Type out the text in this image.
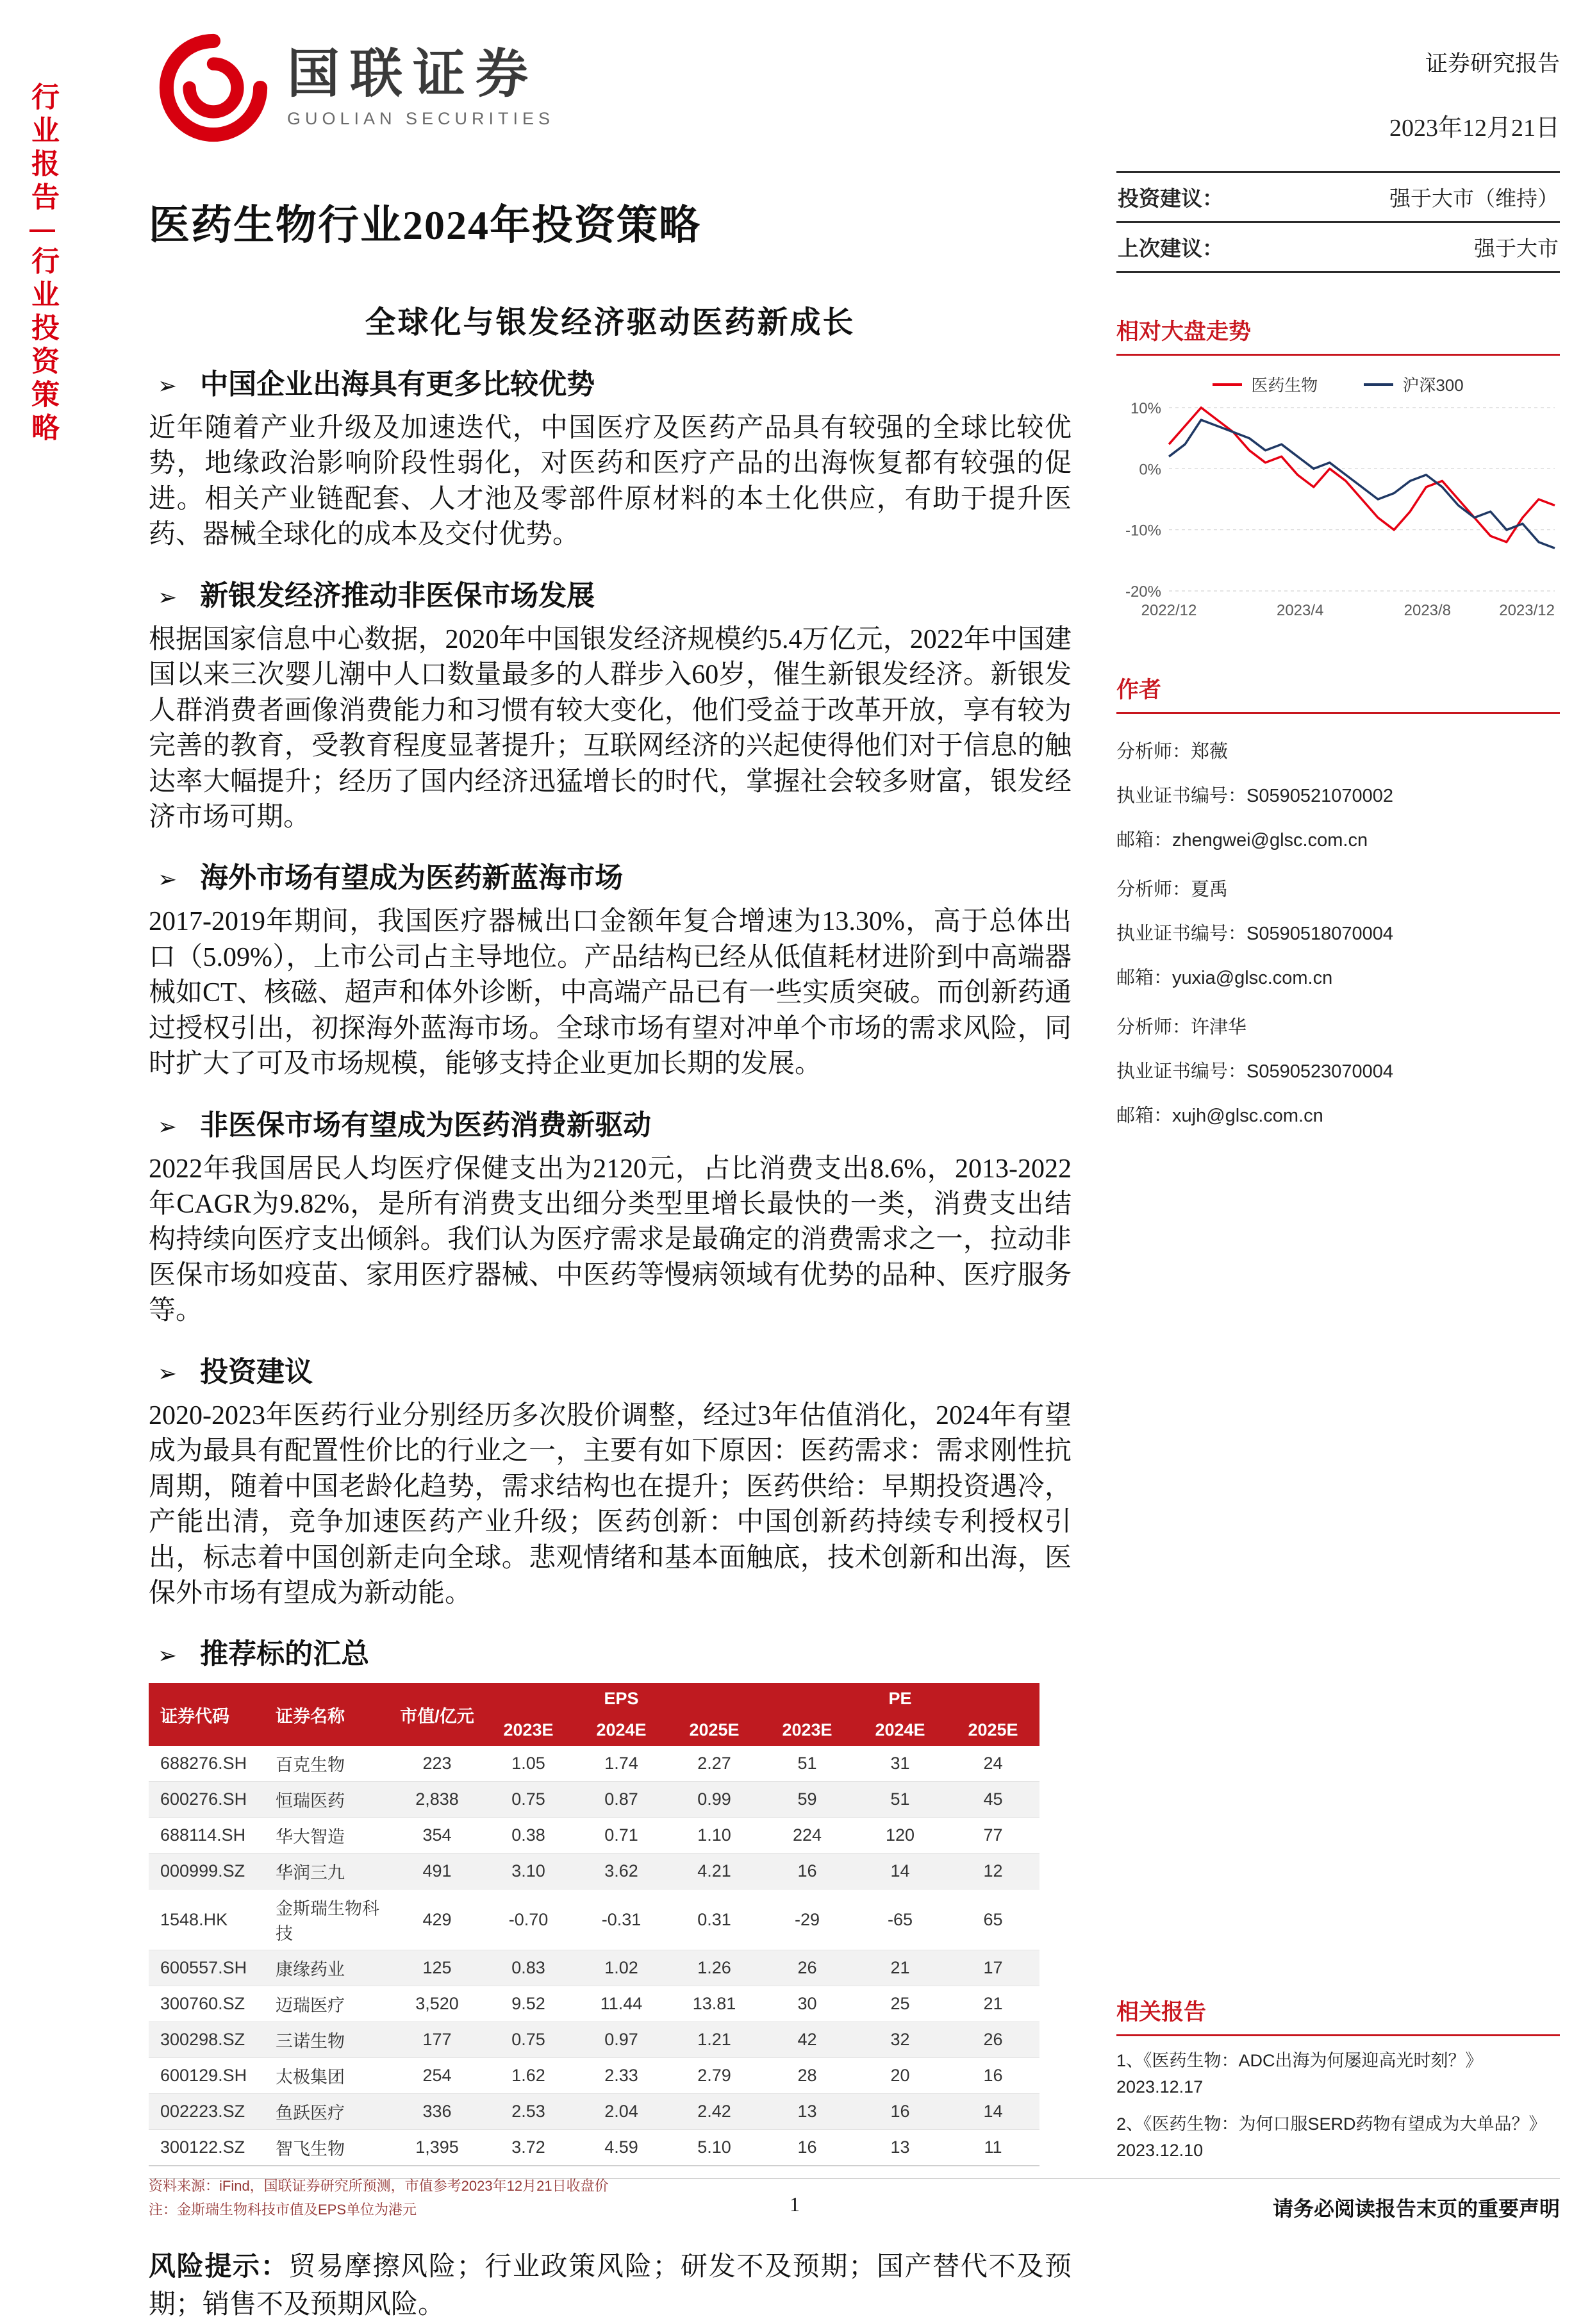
行业报告行业投资策略
国联证券
GUOLIAN SECURITIES
证券研究报告
2023年12月21日
投资建议：	强于大市（维持）
上次建议：	强于大市
相对大盘走势
医药生物	沪深300
10%
0%
-10%
-20%
2022/12	2023/4	2023/8	2023/12
作者

分析师：郑薇

执业证书编号：S0590521070002

邮箱：zhengwei@glsc.com.cn

分析师：夏禹

执业证书编号：S0590518070004

邮箱：yuxia@glsc.com.cn

分析师：许津华

执业证书编号：S0590523070004

邮箱：xujh@glsc.com.cn

相关报告

1、《医药生物：ADC出海为何屡迎高光时刻？》2023.12.17

2、《医药生物：为何口服SERD药物有望成为大单品？》2023.12.10

医药生物行业2024年投资策略
全球化与银发经济驱动医药新成长
➢ 中国企业出海具有更多比较优势

近年随着产业升级及加速迭代，中国医疗及医药产品具有较强的全球比较优势，地缘政治影响阶段性弱化，对医药和医疗产品的出海恢复都有较强的促进。相关产业链配套、人才池及零部件原材料的本土化供应，有助于提升医药、器械全球化的成本及交付优势。

➢ 新银发经济推动非医保市场发展

根据国家信息中心数据，2020年中国银发经济规模约5.4万亿元，2022年中国建国以来三次婴儿潮中人口数量最多的人群步入60岁，催生新银发经济。新银发人群消费者画像消费能力和习惯有较大变化，他们受益于改革开放，享有较为完善的教育，受教育程度显著提升；互联网经济的兴起使得他们对于信息的触达率大幅提升；经历了国内经济迅猛增长的时代，掌握社会较多财富，银发经济市场可期。

➢ 海外市场有望成为医药新蓝海市场

2017-2019年期间，我国医疗器械出口金额年复合增速为13.30%，高于总体出口（5.09%），上市公司占主导地位。产品结构已经从低值耗材进阶到中高端器械如CT、核磁、超声和体外诊断，中高端产品已有一些实质突破。而创新药通过授权引出，初探海外蓝海市场。全球市场有望对冲单个市场的需求风险，同时扩大了可及市场规模，能够支持企业更加长期的发展。

➢ 非医保市场有望成为医药消费新驱动

2022年我国居民人均医疗保健支出为2120元，占比消费支出8.6%，2013-2022年CAGR为9.82%，是所有消费支出细分类型里增长最快的一类，消费支出结构持续向医疗支出倾斜。我们认为医疗需求是最确定的消费需求之一，拉动非医保市场如疫苗、家用医疗器械、中医药等慢病领域有优势的品种、医疗服务等。

➢ 投资建议

2020-2023年医药行业分别经历多次股价调整，经过3年估值消化，2024年有望成为最具有配置性价比的行业之一，主要有如下原因：医药需求：需求刚性抗周期，随着中国老龄化趋势，需求结构也在提升；医药供给：早期投资遇冷，产能出清，竞争加速医药产业升级；医药创新：中国创新药持续专利授权引出，标志着中国创新走向全球。悲观情绪和基本面触底，技术创新和出海，医保外市场有望成为新动能。

➢ 推荐标的汇总
证券代码	证券名称	市值/亿元	EPS			PE		
			2023E	2024E	2025E	2023E	2024E	2025E
688276.SH	百克生物	223	1.05	1.74	2.27	51	31	24
600276.SH	恒瑞医药	2,838	0.75	0.87	0.99	59	51	45
688114.SH	华大智造	354	0.38	0.71	1.10	224	120	77
000999.SZ	华润三九	491	3.10	3.62	4.21	16	14	12
1548.HK	金斯瑞生物科技	429	-0.70	-0.31	0.31	-29	-65	65
600557.SH	康缘药业	125	0.83	1.02	1.26	26	21	17
300760.SZ	迈瑞医疗	3,520	9.52	11.44	13.81	30	25	21
300298.SZ	三诺生物	177	0.75	0.97	1.21	42	32	26
600129.SH	太极集团	254	1.62	2.33	2.79	28	20	16
002223.SZ	鱼跃医疗	336	2.53	2.04	2.42	13	16	14
300122.SZ	智飞生物	1,395	3.72	4.59	5.10	16	13	11

资料来源：iFind，国联证券研究所预测，市值参考2023年12月21日收盘价

注：金斯瑞生物科技市值及EPS单位为港元

风险提示：贸易摩擦风险；行业政策风险；研发不及预期；国产替代不及预期；销售不及预期风险。

1	请务必阅读报告末页的重要声明
